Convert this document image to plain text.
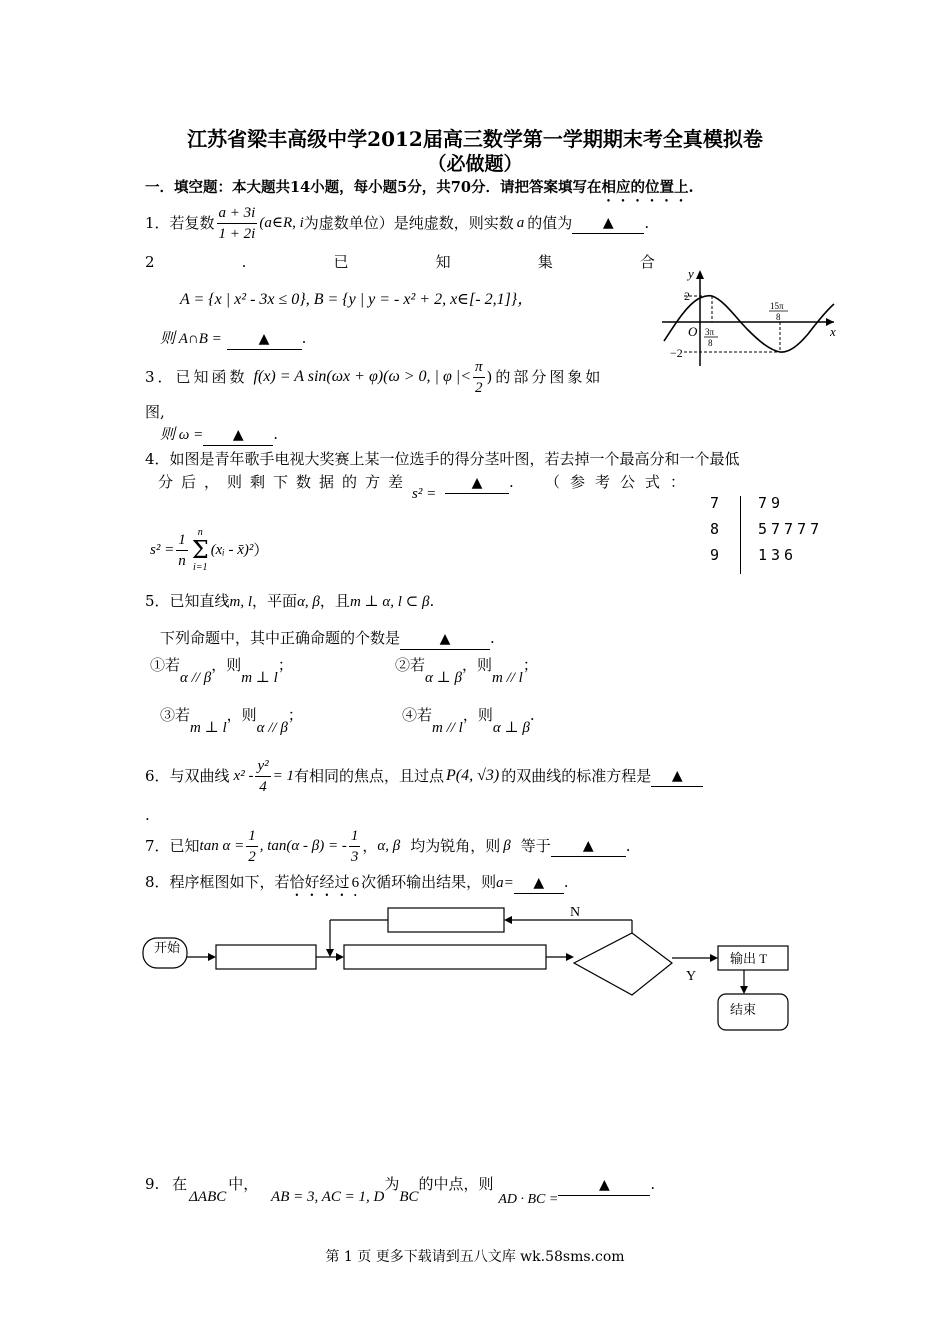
江苏省梁丰高级中学2012届高三数学第一学期期末考全真模拟卷
（必做题）
一．填空题：本大题共14小题，每小题5分，共70分．请把答案填写在相应的位置上.
1．若复数 $\frac{a + 3i}{1 + 2i}$ (a∈R, i 为虚数单位）是纯虚数，则实数 a 的值为	▲	.
2	.	已	知	集	合
A = {x | x² - 3x ≤ 0}, B = {y | y = - x² + 2, x∈[- 2,1]}，
则 A∩B =	▲ .
y
x
O
2
−2
3π
8
15π
8
3．已知函数 f(x) = A sin(ωx + φ)(ω > 0, | φ |< $\frac{\pi}{2}$ )的部分图象如
图,
则 ω = ▲ .
4．如图是青年歌手电视大奖赛上某一位选手的得分茎叶图，若去掉一个最高分和一个最低
分后，则剩下数据的方差
s² =
▲ . （参考公式：
$s^2 = \frac{1}{n}$ n
Σ
i=1
(xᵢ - x̄)² ）
7 79
8 57777
9 136
5．已知直线m, l，平面α, β，且m ⊥ α, l ⊂ β.
下列命题中，其中正确命题的个数是	▲	.
①若α // β，则m ⊥ l；	②若α ⊥ β，则m // l；
③若m ⊥ l，则α // β；	④若m // l，则α ⊥ β.
6．与双曲线 $x^2 - \frac{\text{y²}}{4} = 1$ 有相同的焦点，且过点 P(4, √3) 的双曲线的标准方程是	▲
.
7．已知 $\tan \alpha = \frac{1}{2}$ , tan(α - β) = - $\frac{1}{3}$ ， α, β 均为锐角，则 β 等于	▲	.
8．程序框图如下，若恰好经过 6 次循环输出结果，则a= ▲ .
开始
N
Y
输出 T
结束
9. 在ΔABC中， AB = 3, AC = 1, D为BC的中点，则 AD · BC =▲	.
第 1 页 更多下载请到五八文库 wk.58sms.com
